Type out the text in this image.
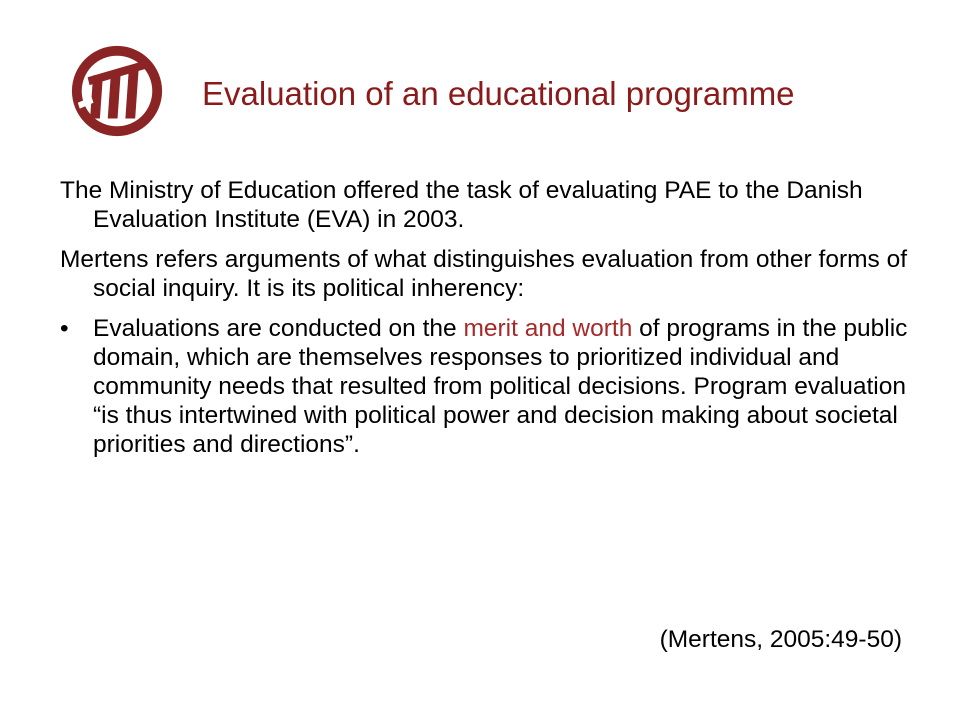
Evaluation of an educational programme

The Ministry of Education offered the task of evaluating PAE to the Danish Evaluation Institute (EVA) in 2003.

Mertens refers arguments of what distinguishes evaluation from other forms of social inquiry. It is its political inherency:

• Evaluations are conducted on the merit and worth of programs in the public domain, which are themselves responses to prioritized individual and community needs that resulted from political decisions. Program evaluation “is thus intertwined with political power and decision making about societal priorities and directions”.
(Mertens, 2005:49-50)
